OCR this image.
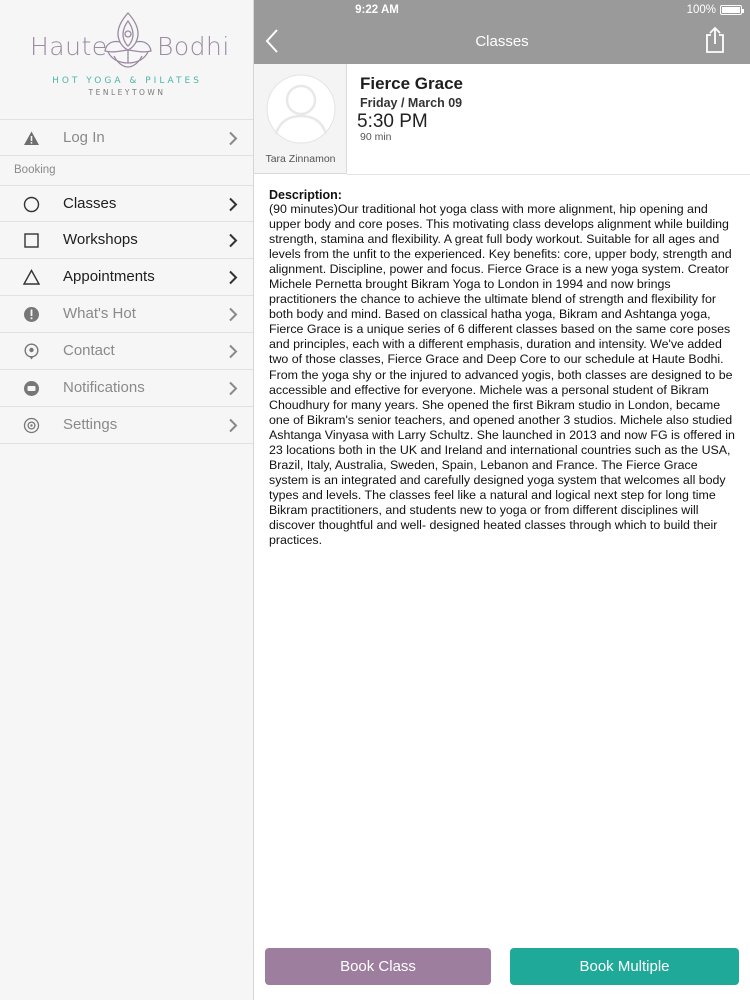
Haute Bodhi
HOT YOGA & PILATES
TENLEYTOWN
Log In
Booking
Classes
Workshops
Appointments
What's Hot
Contact
Notifications
Settings
9:22 AM	100%
Classes
Tara Zinnamon
Fierce Grace
Friday / March 09
5:30 PM
90 min
Description:
(90 minutes)Our traditional hot yoga class with more alignment, hip opening and upper body and core poses. This motivating class develops alignment while building strength, stamina and flexibility. A great full body workout. Suitable for all ages and levels from the unfit to the experienced. Key benefits: core, upper body, strength and alignment. Discipline, power and focus. Fierce Grace is a new yoga system. Creator Michele Pernetta brought Bikram Yoga to London in 1994 and now brings practitioners the chance to achieve the ultimate blend of strength and flexibility for both body and mind. Based on classical hatha yoga, Bikram and Ashtanga yoga, Fierce Grace is a unique series of 6 different classes based on the same core poses and principles, each with a different emphasis, duration and intensity. We've added two of those classes, Fierce Grace and Deep Core to our schedule at Haute Bodhi. From the yoga shy or the injured to advanced yogis, both classes are designed to be accessible and effective for everyone. Michele was a personal student of Bikram Choudhury for many years. She opened the first Bikram studio in London, became one of Bikram's senior teachers, and opened another 3 studios. Michele also studied Ashtanga Vinyasa with Larry Schultz. She launched in 2013 and now FG is offered in 23 locations both in the UK and Ireland and international countries such as the USA, Brazil, Italy, Australia, Sweden, Spain, Lebanon and France. The Fierce Grace system is an integrated and carefully designed yoga system that welcomes all body types and levels. The classes feel like a natural and logical next step for long time Bikram practitioners, and students new to yoga or from different disciplines will discover thoughtful and well- designed heated classes through which to build their practices.
Book Class	Book Multiple
